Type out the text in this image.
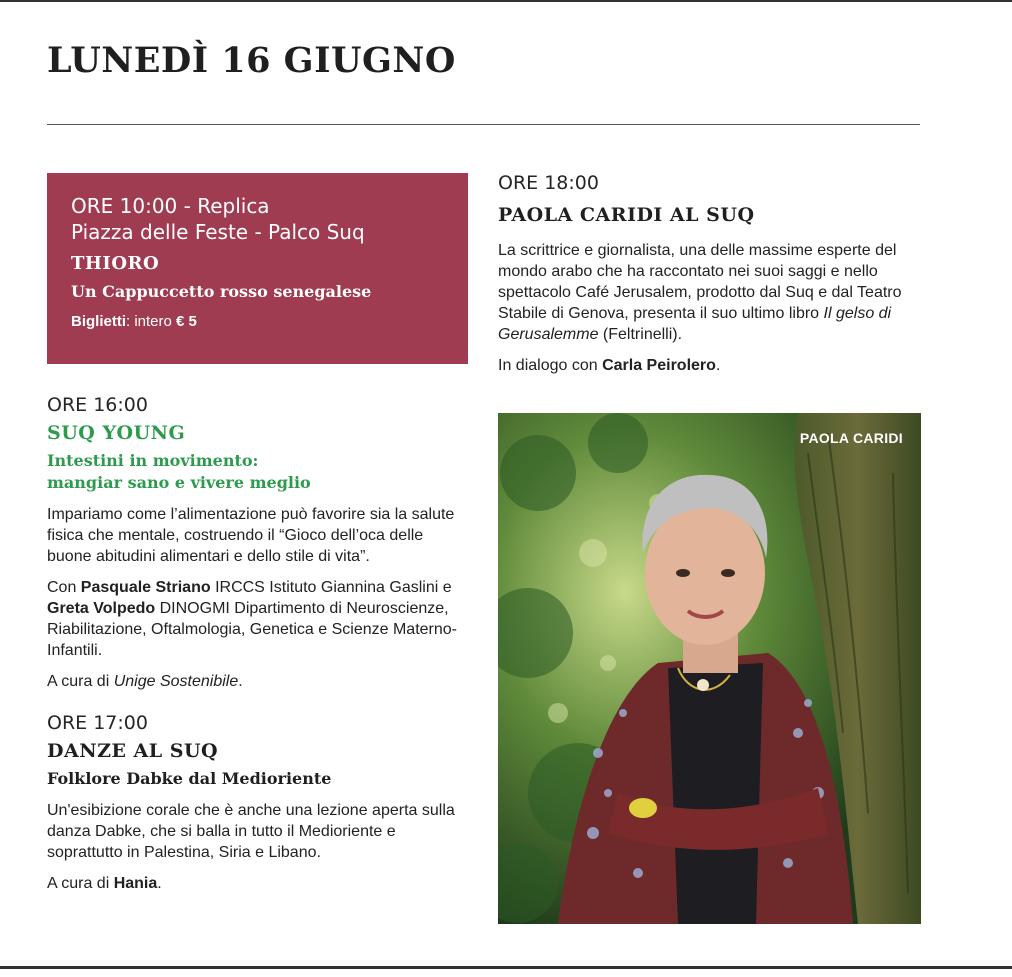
LUNEDÌ 16 GIUGNO
ORE 10:00 - Replica
Piazza delle Feste - Palco Suq
THIORO
Un Cappuccetto rosso senegalese
Biglietti: intero € 5

ORE 16:00

SUQ YOUNG
Intestini in movimento:
mangiar sano e vivere meglio

Impariamo come l’alimentazione può favorire sia la salute fisica che mentale, costruendo il “Gioco dell’oca delle buone abitudini alimentari e dello stile di vita”.

Con Pasquale Striano IRCCS Istituto Giannina Gaslini e Greta Volpedo DINOGMI Dipartimento di Neuroscienze, Riabilitazione, Oftalmologia, Genetica e Scienze Materno-Infantili.

A cura di Unige Sostenibile.

ORE 17:00

DANZE AL SUQ
Folklore Dabke dal Medioriente

Un'esibizione corale che è anche una lezione aperta sulla danza Dabke, che si balla in tutto il Medioriente e soprattutto in Palestina, Siria e Libano.

A cura di Hania.

ORE 18:00

PAOLA CARIDI AL SUQ

La scrittrice e giornalista, una delle massime esperte del mondo arabo che ha raccontato nei suoi saggi e nello spettacolo Café Jerusalem, prodotto dal Suq e dal Teatro Stabile di Genova, presenta il suo ultimo libro Il gelso di Gerusalemme (Feltrinelli).

In dialogo con Carla Peirolero.

PAOLA CARIDI
